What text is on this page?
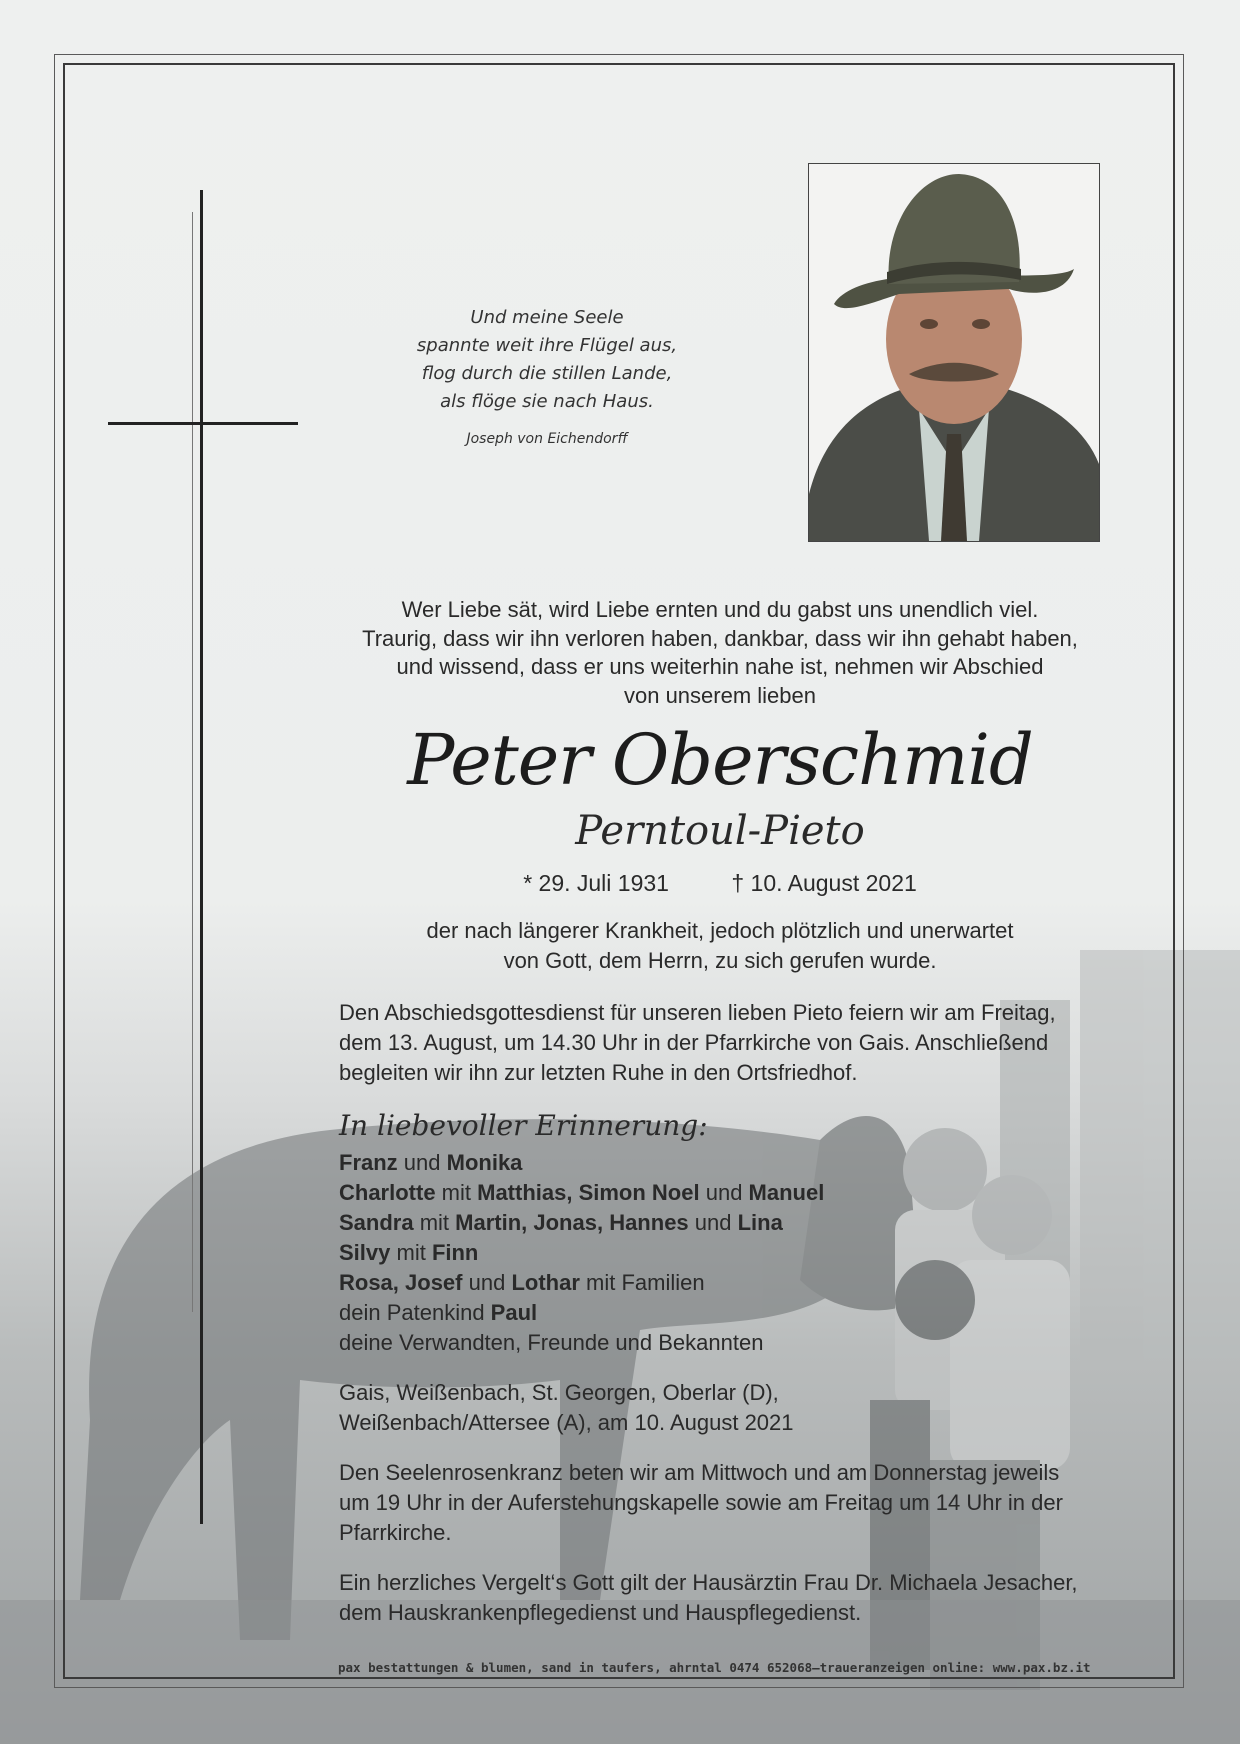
Und meine Seele
spannte weit ihre Flügel aus,
flog durch die stillen Lande,
als flöge sie nach Haus.
Joseph von Eichendorff
Wer Liebe sät, wird Liebe ernten und du gabst uns unendlich viel.
Traurig, dass wir ihn verloren haben, dankbar, dass wir ihn gehabt haben,
und wissend, dass er uns weiterhin nahe ist, nehmen wir Abschied
von unserem lieben
Peter Oberschmid
Perntoul-Pieto
* 29. Juli 1931	† 10. August 2021
der nach längerer Krankheit, jedoch plötzlich und unerwartet
von Gott, dem Herrn, zu sich gerufen wurde.
Den Abschiedsgottesdienst für unseren lieben Pieto feiern wir am Freitag,
dem 13. August, um 14.30 Uhr in der Pfarrkirche von Gais. Anschließend
begleiten wir ihn zur letzten Ruhe in den Ortsfriedhof.
In liebevoller Erinnerung:
Franz und Monika
Charlotte mit Matthias, Simon Noel und Manuel
Sandra mit Martin, Jonas, Hannes und Lina
Silvy mit Finn
Rosa, Josef und Lothar mit Familien
dein Patenkind Paul
deine Verwandten, Freunde und Bekannten
Gais, Weißenbach, St. Georgen, Oberlar (D),
Weißenbach/Attersee (A), am 10. August 2021
Den Seelenrosenkranz beten wir am Mittwoch und am Donnerstag jeweils
um 19 Uhr in der Auferstehungskapelle sowie am Freitag um 14 Uhr in der
Pfarrkirche.
Ein herzliches Vergelt‘s Gott gilt der Hausärztin Frau Dr. Michaela Jesacher,
dem Hauskrankenpflegedienst und Hauspflegedienst.
pax bestattungen & blumen, sand in taufers, ahrntal 0474 652068–traueranzeigen online: www.pax.bz.it
